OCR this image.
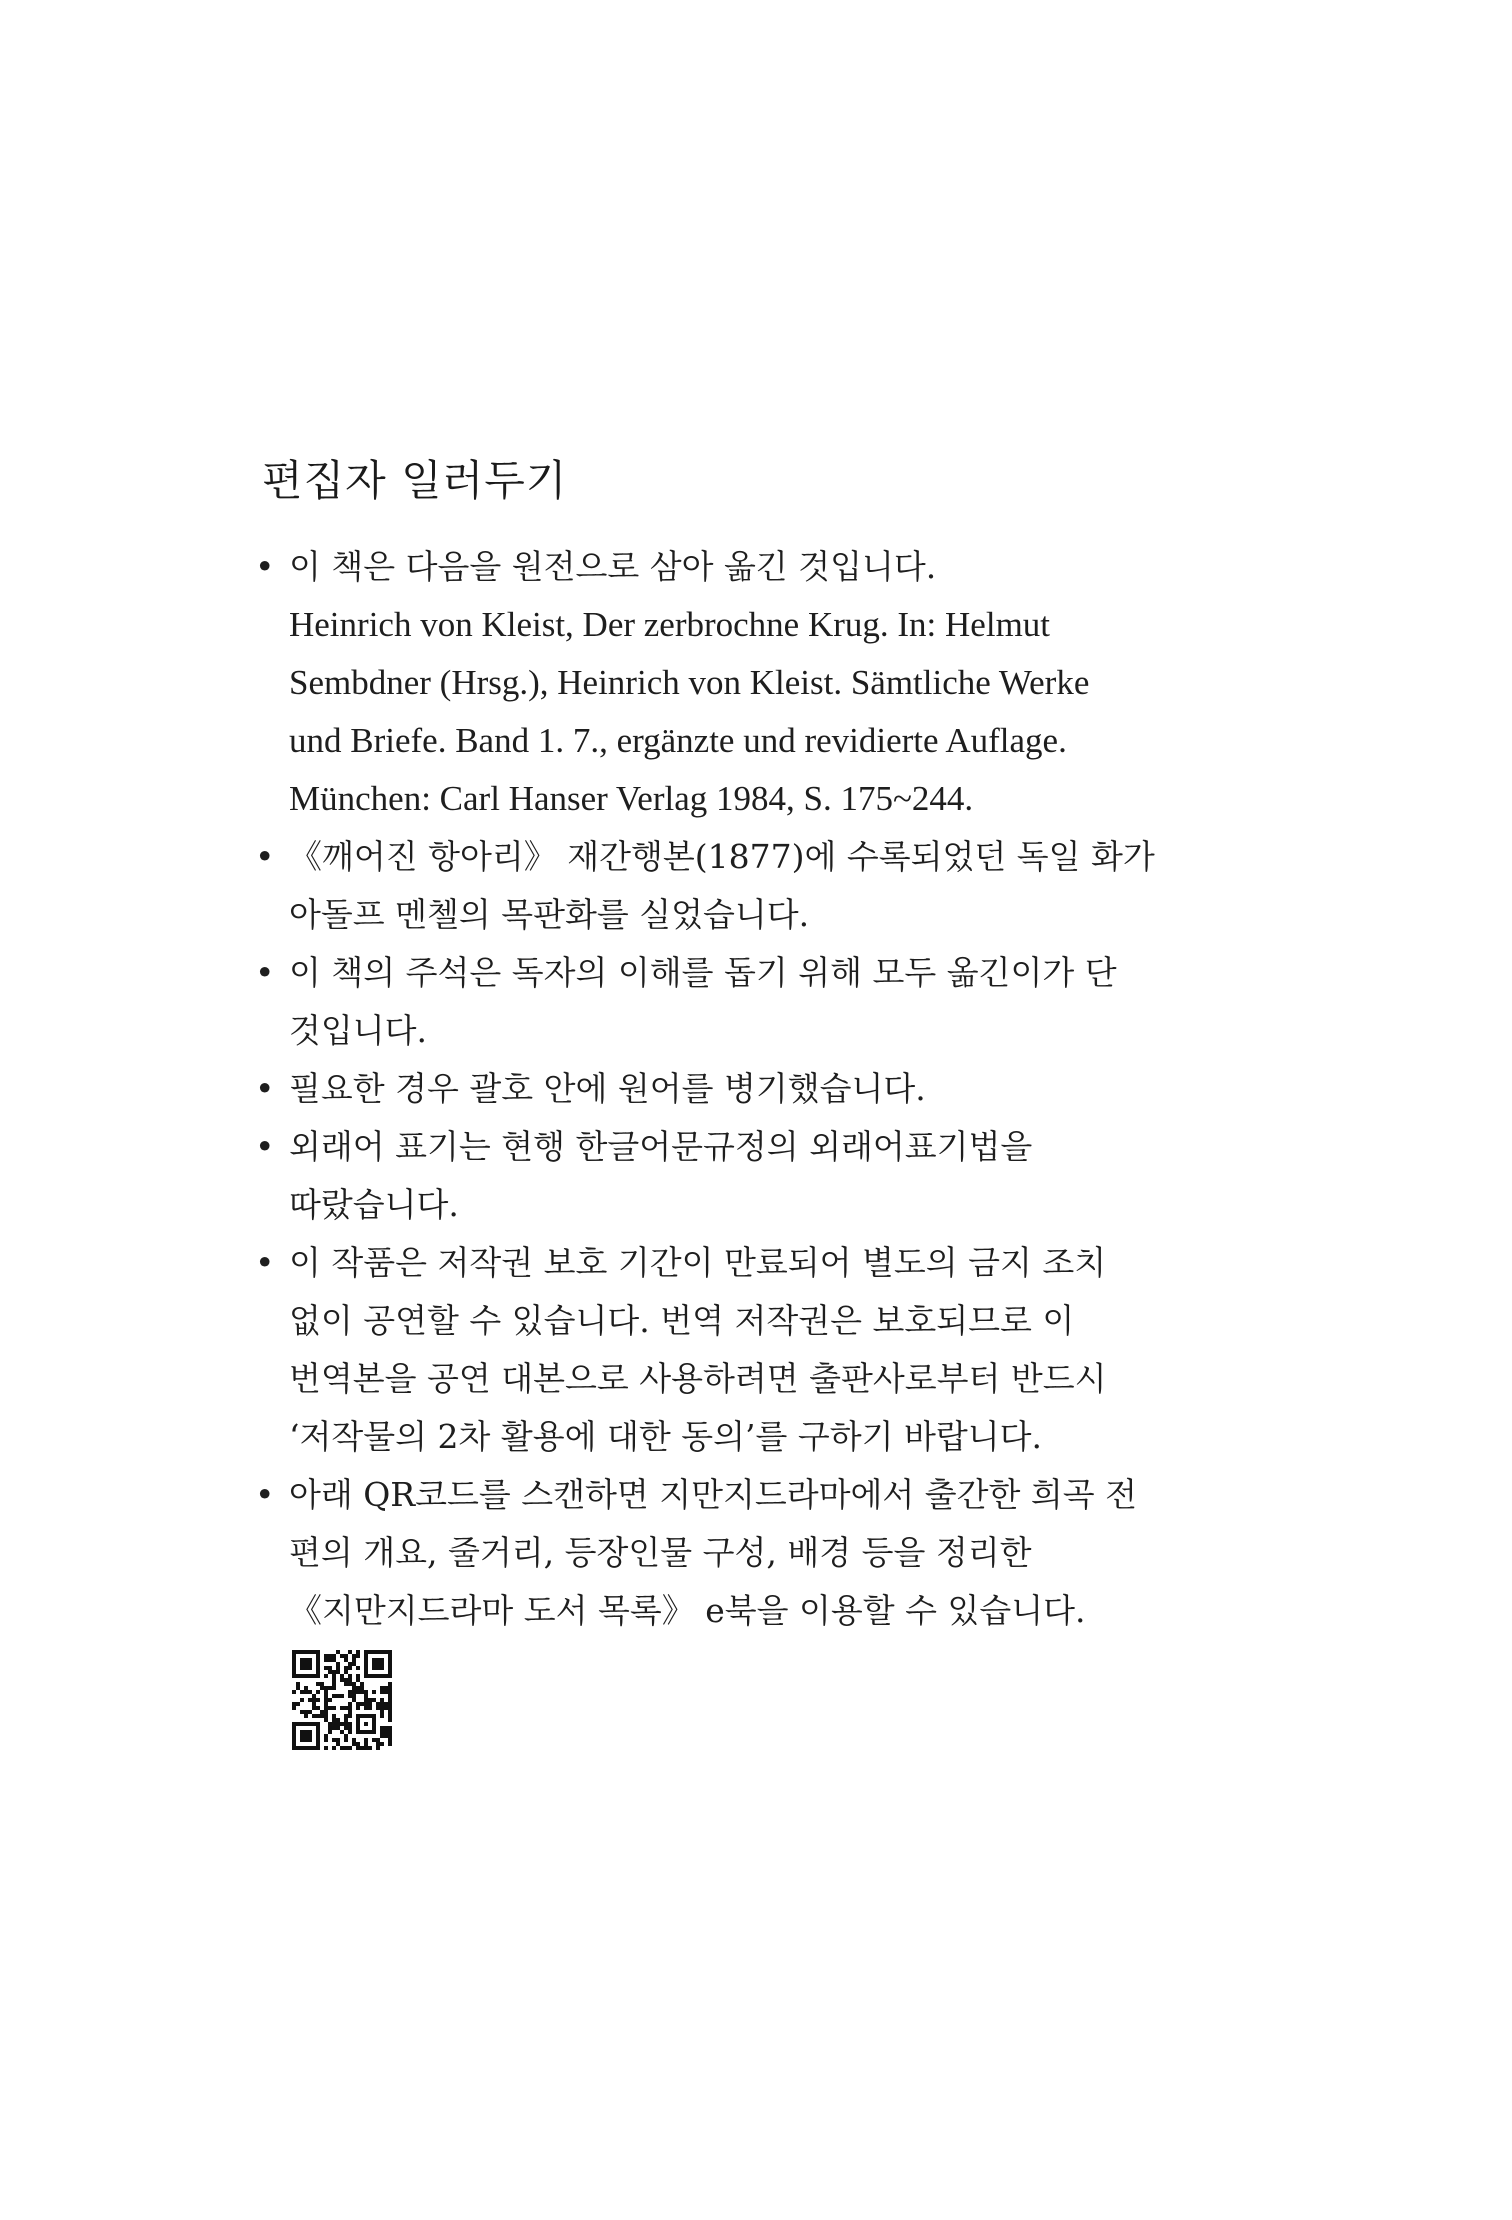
편집자 일러두기
• 이 책은 다음을 원전으로 삼아 옮긴 것입니다.
Heinrich von Kleist, Der zerbrochne Krug. In: Helmut
Sembdner (Hrsg.), Heinrich von Kleist. Sämtliche Werke
und Briefe. Band 1. 7., ergänzte und revidierte Auflage.
München: Carl Hanser Verlag 1984, S. 175~244.
• 《깨어진 항아리》 재간행본(1877)에 수록되었던 독일 화가
아돌프 멘첼의 목판화를 실었습니다.
• 이 책의 주석은 독자의 이해를 돕기 위해 모두 옮긴이가 단
것입니다.
• 필요한 경우 괄호 안에 원어를 병기했습니다.
• 외래어 표기는 현행 한글어문규정의 외래어표기법을
따랐습니다.
• 이 작품은 저작권 보호 기간이 만료되어 별도의 금지 조치
없이 공연할 수 있습니다. 번역 저작권은 보호되므로 이
번역본을 공연 대본으로 사용하려면 출판사로부터 반드시
‘저작물의 2차 활용에 대한 동의’를 구하기 바랍니다.
• 아래 QR코드를 스캔하면 지만지드라마에서 출간한 희곡 전
편의 개요, 줄거리, 등장인물 구성, 배경 등을 정리한
《지만지드라마 도서 목록》 e북을 이용할 수 있습니다.
